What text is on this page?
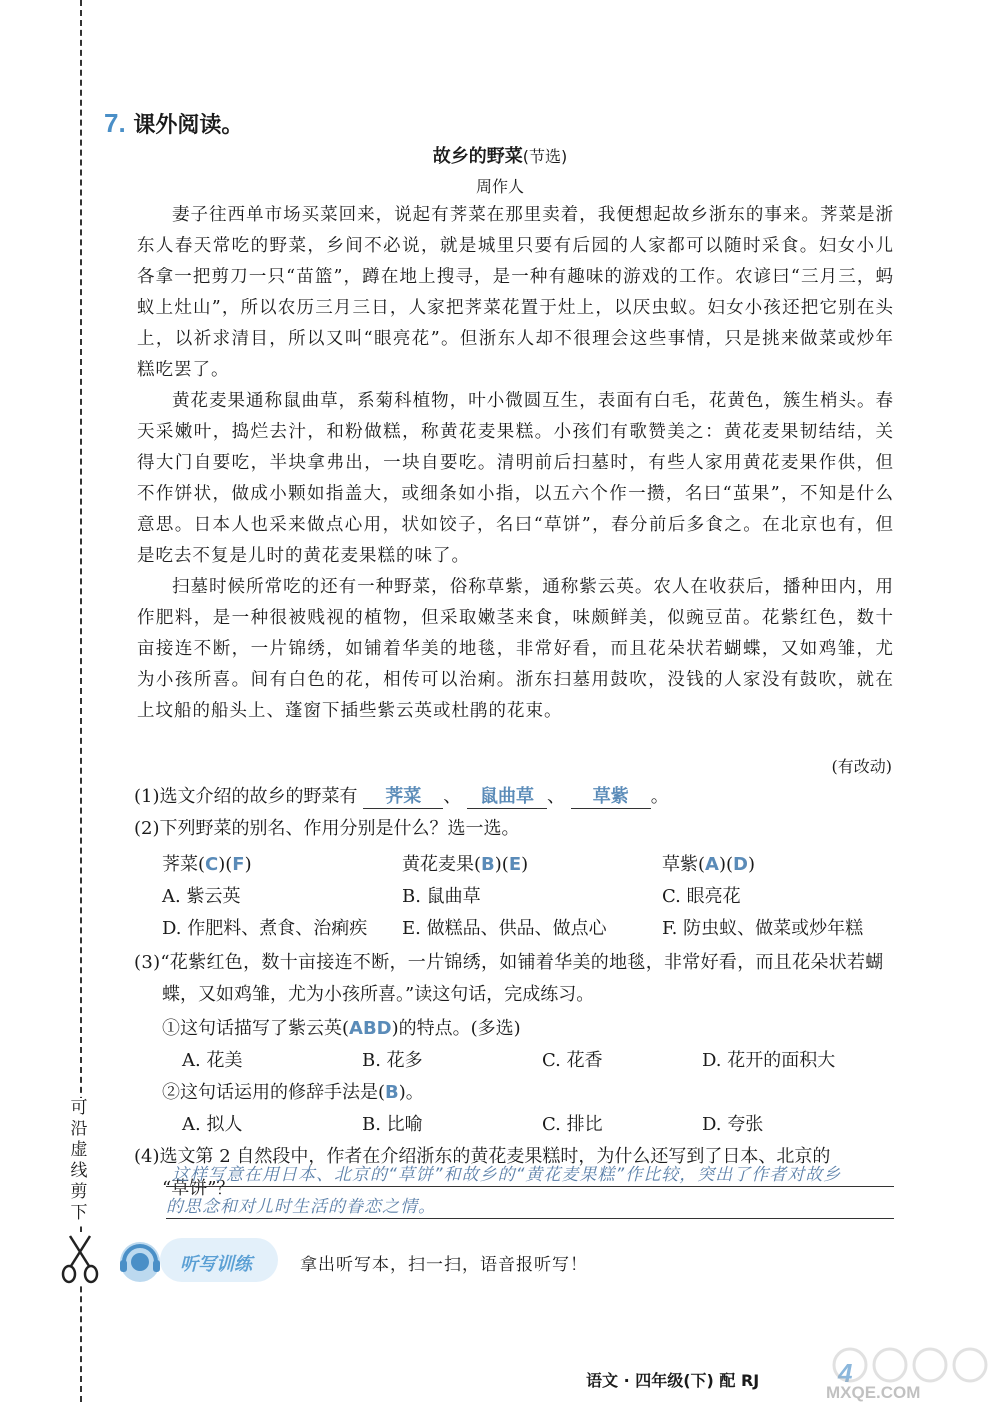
可
沿
虚
线
剪
下
7. 课外阅读。
故乡的野菜(节选)
周作人

妻子往西单市场买菜回来，说起有荠菜在那里卖着，我便想起故乡浙东的事来。荠菜是浙东人春天常吃的野菜，乡间不必说，就是城里只要有后园的人家都可以随时采食。妇女小儿各拿一把剪刀一只“苗篮”，蹲在地上搜寻，是一种有趣味的游戏的工作。农谚曰“三月三，蚂蚁上灶山”，所以农历三月三日，人家把荠菜花置于灶上，以厌虫蚁。妇女小孩还把它别在头上，以祈求清目，所以又叫“眼亮花”。但浙东人却不很理会这些事情，只是挑来做菜或炒年糕吃罢了。

黄花麦果通称鼠曲草，系菊科植物，叶小微圆互生，表面有白毛，花黄色，簇生梢头。春天采嫩叶，捣烂去汁，和粉做糕，称黄花麦果糕。小孩们有歌赞美之：黄花麦果韧结结，关得大门自要吃，半块拿弗出，一块自要吃。清明前后扫墓时，有些人家用黄花麦果作供，但不作饼状，做成小颗如指盖大，或细条如小指，以五六个作一攒，名曰“茧果”，不知是什么意思。日本人也采来做点心用，状如饺子，名曰“草饼”，春分前后多食之。在北京也有，但是吃去不复是儿时的黄花麦果糕的味了。

扫墓时候所常吃的还有一种野菜，俗称草紫，通称紫云英。农人在收获后，播种田内，用作肥料，是一种很被贱视的植物，但采取嫩茎来食，味颇鲜美，似豌豆苗。花紫红色，数十亩接连不断，一片锦绣，如铺着华美的地毯，非常好看，而且花朵状若蝴蝶，又如鸡雏，尤为小孩所喜。间有白色的花，相传可以治痢。浙东扫墓用鼓吹，没钱的人家没有鼓吹，就在上坟船的船头上、蓬窗下插些紫云英或杜鹃的花束。

(有改动)
(1)选文介绍的故乡的野菜有 荠菜 、 鼠曲草 、 草紫 。
(2)下列野菜的别名、作用分别是什么？选一选。
荠菜(C)(F)	黄花麦果(B)(E)	草紫(A)(D)
A. 紫云英	B. 鼠曲草	C. 眼亮花
D. 作肥料、煮食、治痢疾 E. 做糕品、供品、做点心	F. 防虫蚁、做菜或炒年糕
(3)“花紫红色，数十亩接连不断，一片锦绣，如铺着华美的地毯，非常好看，而且花朵状若蝴
蝶，又如鸡雏，尤为小孩所喜。”读这句话，完成练习。
①这句话描写了紫云英(ABD)的特点。(多选)
A. 花美	B. 花多	C. 花香	D. 花开的面积大
②这句话运用的修辞手法是(B)。
A. 拟人	B. 比喻	C. 排比	D. 夸张
(4)选文第 2 自然段中，作者在介绍浙东的黄花麦果糕时，为什么还写到了日本、北京的
“草饼”？
这样写意在用日本、北京的“草饼”和故乡的“黄花麦果糕”作比较，突出了作者对故乡
的思念和对儿时生活的眷恋之情。
听写训练	拿出听写本，扫一扫，语音报听写！
语文 · 四年级(下) 配 RJ	4
MXQE.COM
